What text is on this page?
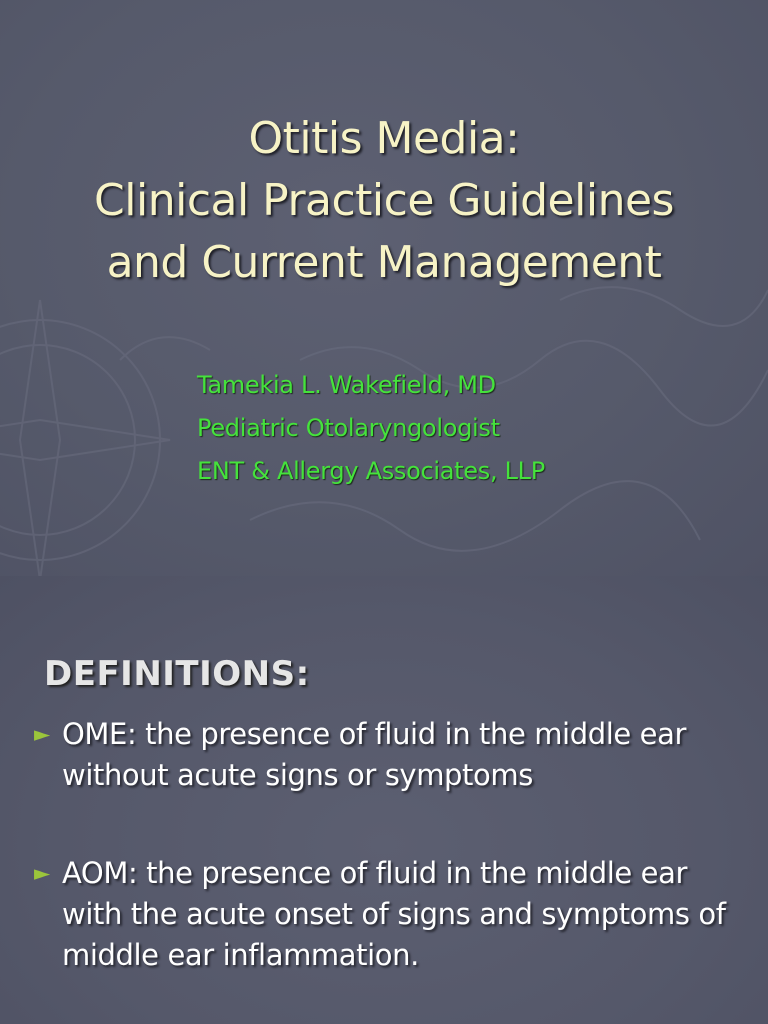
Otitis Media:
Clinical Practice Guidelines
and Current Management
Tamekia L. Wakefield, MD
Pediatric Otolaryngologist
ENT & Allergy Associates, LLP
DEFINITIONS:
► OME: the presence of fluid in the middle ear without acute signs or symptoms
► AOM: the presence of fluid in the middle ear with the acute onset of signs and symptoms of middle ear inflammation.
